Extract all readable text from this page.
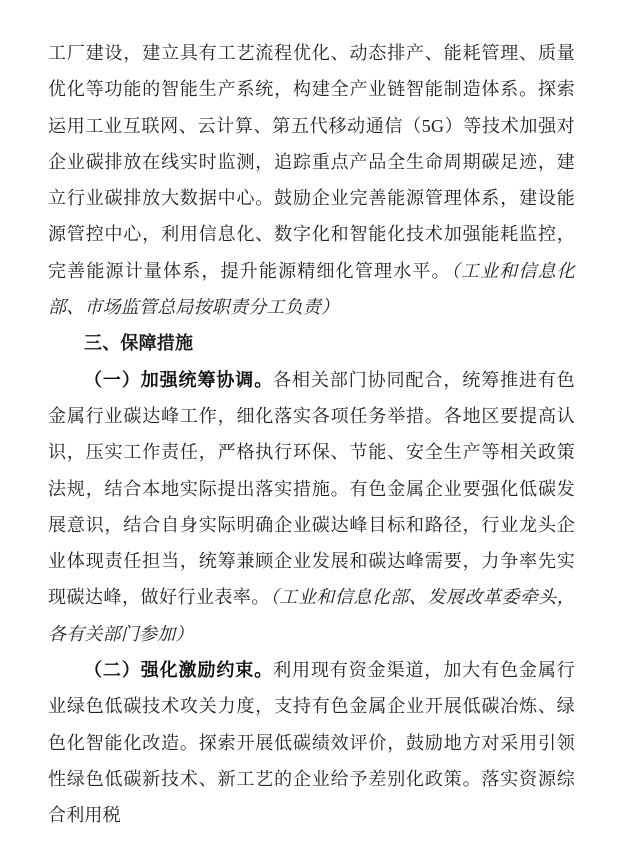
工厂建设，建立具有工艺流程优化、动态排产、能耗管理、质量优化等功能的智能生产系统，构建全产业链智能制造体系。探索运用工业互联网、云计算、第五代移动通信（5G）等技术加强对企业碳排放在线实时监测，追踪重点产品全生命周期碳足迹，建立行业碳排放大数据中心。鼓励企业完善能源管理体系，建设能源管控中心，利用信息化、数字化和智能化技术加强能耗监控，完善能源计量体系，提升能源精细化管理水平。（工业和信息化部、市场监管总局按职责分工负责）

三、保障措施

（一）加强统筹协调。各相关部门协同配合，统筹推进有色金属行业碳达峰工作，细化落实各项任务举措。各地区要提高认识，压实工作责任，严格执行环保、节能、安全生产等相关政策法规，结合本地实际提出落实措施。有色金属企业要强化低碳发展意识，结合自身实际明确企业碳达峰目标和路径，行业龙头企业体现责任担当，统筹兼顾企业发展和碳达峰需要，力争率先实现碳达峰，做好行业表率。（工业和信息化部、发展改革委牵头，各有关部门参加）

（二）强化激励约束。利用现有资金渠道，加大有色金属行业绿色低碳技术攻关力度，支持有色金属企业开展低碳冶炼、绿色化智能化改造。探索开展低碳绩效评价，鼓励地方对采用引领性绿色低碳新技术、新工艺的企业给予差别化政策。落实资源综合利用税
